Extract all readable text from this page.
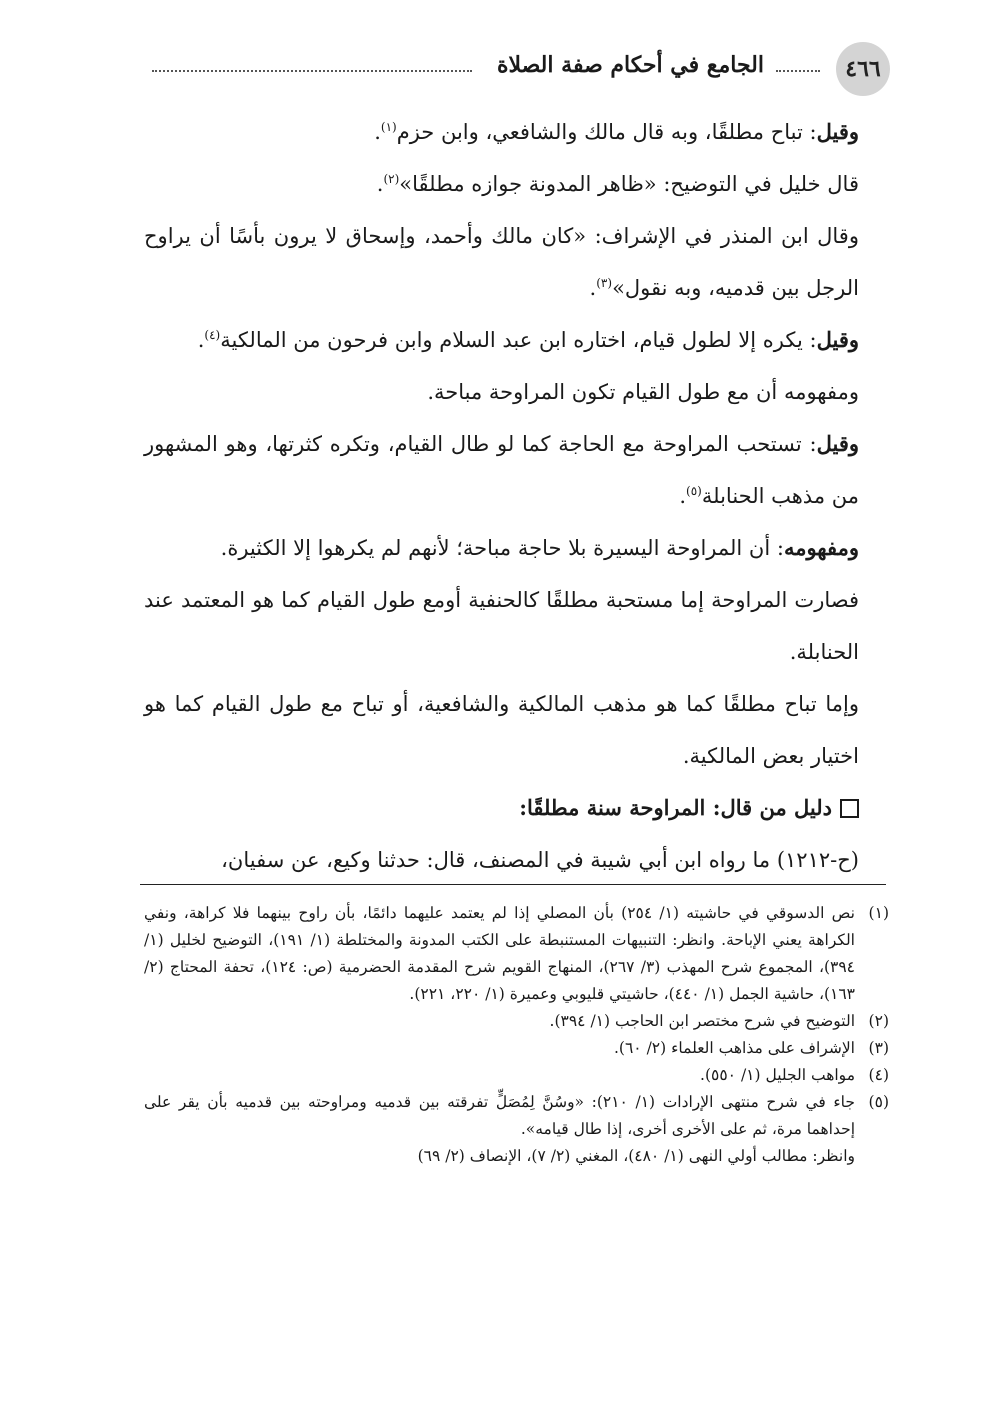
٤٦٦
الجامع في أحكام صفة الصلاة

وقيل: تباح مطلقًا، وبه قال مالك والشافعي، وابن حزم$^{(١)}$.

قال خليل في التوضيح: «ظاهر المدونة جوازه مطلقًا»$^{(٢)}$.

وقال ابن المنذر في الإشراف: «كان مالك وأحمد، وإسحاق لا يرون بأسًا أن يراوح الرجل بين قدميه، وبه نقول»$^{(٣)}$.

وقيل: يكره إلا لطول قيام، اختاره ابن عبد السلام وابن فرحون من المالكية$^{(٤)}$.

ومفهومه أن مع طول القيام تكون المراوحة مباحة.

وقيل: تستحب المراوحة مع الحاجة كما لو طال القيام، وتكره كثرتها، وهو المشهور من مذهب الحنابلة$^{(٥)}$.

ومفهومه: أن المراوحة اليسيرة بلا حاجة مباحة؛ لأنهم لم يكرهوا إلا الكثيرة.

فصارت المراوحة إما مستحبة مطلقًا كالحنفية أومع طول القيام كما هو المعتمد عند الحنابلة.

وإما تباح مطلقًا كما هو مذهب المالكية والشافعية، أو تباح مع طول القيام كما هو اختيار بعض المالكية.

دليل من قال: المراوحة سنة مطلقًا:

(ح-١٢١٢) ما رواه ابن أبي شيبة في المصنف، قال: حدثنا وكيع، عن سفيان،

(١)
نص الدسوقي في حاشيته (١/ ٢٥٤) بأن المصلي إذا لم يعتمد عليهما دائمًا، بأن راوح بينهما فلا كراهة، ونفي الكراهة يعني الإباحة. وانظر: التنبيهات المستنبطة على الكتب المدونة والمختلطة (١/ ١٩١)، التوضيح لخليل (١/ ٣٩٤)، المجموع شرح المهذب (٣/ ٢٦٧)، المنهاج القويم شرح المقدمة الحضرمية (ص: ١٢٤)، تحفة المحتاج (٢/ ١٦٣)، حاشية الجمل (١/ ٤٤٠)، حاشيتي قليوبي وعميرة (١/ ٢٢٠، ٢٢١).

(٢)
التوضيح في شرح مختصر ابن الحاجب (١/ ٣٩٤).

(٣)
الإشراف على مذاهب العلماء (٢/ ٦٠).

(٤)
مواهب الجليل (١/ ٥٥٠).

(٥)
جاء في شرح منتهى الإرادات (١/ ٢١٠): «وسُنَّ لِمُصَلٍّ تفرقته بين قدميه ومراوحته بين قدميه بأن يقر على إحداهما مرة، ثم على الأخرى أخرى، إذا طال قيامه».

وانظر: مطالب أولي النهى (١/ ٤٨٠)، المغني (٢/ ٧)، الإنصاف (٢/ ٦٩)
